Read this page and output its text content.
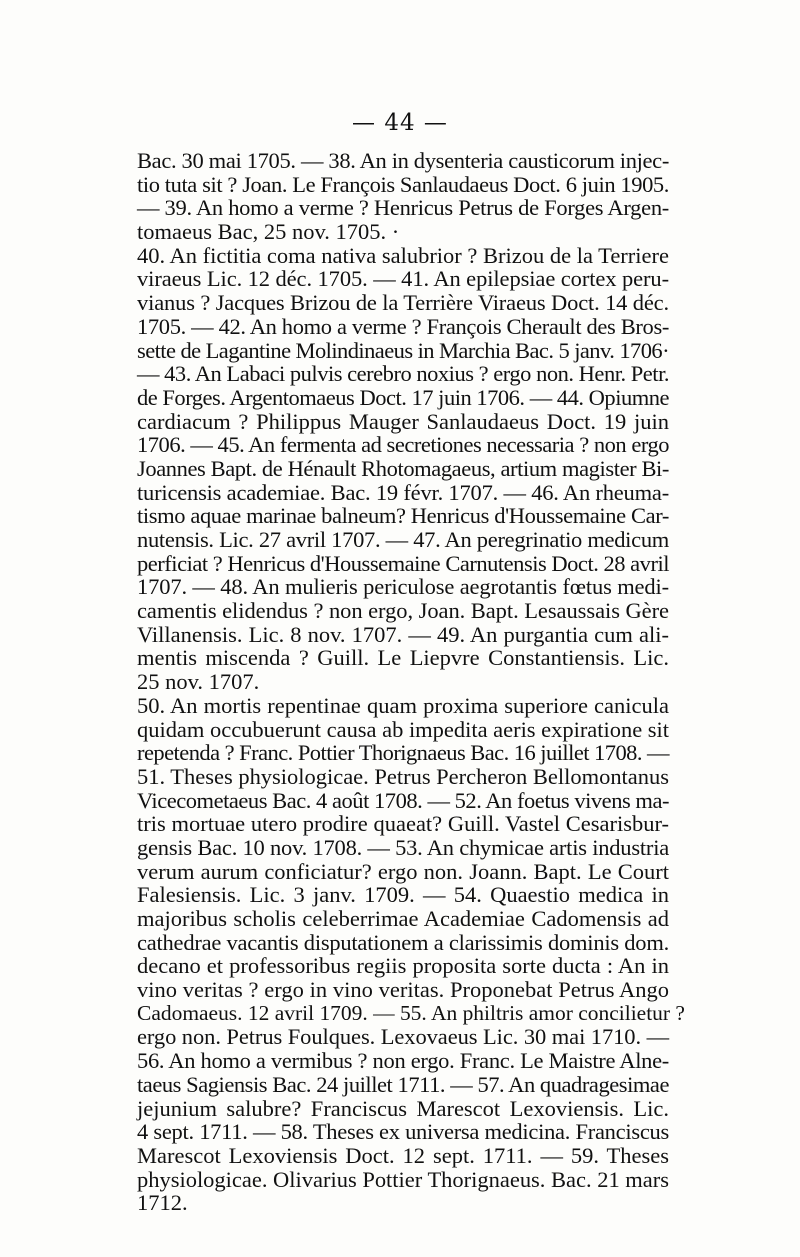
— 44 —
Bac. 30 mai 1705. — 38. An in dysenteria causticorum injec-
tio tuta sit ? Joan. Le François Sanlaudaeus Doct. 6 juin 1905.
— 39. An homo a verme ? Henricus Petrus de Forges Argen-
tomaeus Bac, 25 nov. 1705. ·
40. An fictitia coma nativa salubrior ? Brizou de la Terriere
viraeus Lic. 12 déc. 1705. — 41. An epilepsiae cortex peru-
vianus ? Jacques Brizou de la Terrière Viraeus Doct. 14 déc.
1705. — 42. An homo a verme ? François Cherault des Bros-
sette de Lagantine Molindinaeus in Marchia Bac. 5 janv. 1706·
— 43. An Labaci pulvis cerebro noxius ? ergo non. Henr. Petr.
de Forges. Argentomaeus Doct. 17 juin 1706. — 44. Opiumne
cardiacum ? Philippus Mauger Sanlaudaeus Doct. 19 juin
1706. — 45. An fermenta ad secretiones necessaria ? non ergo
Joannes Bapt. de Hénault Rhotomagaeus, artium magister Bi-
turicensis academiae. Bac. 19 févr. 1707. — 46. An rheuma-
tismo aquae marinae balneum? Henricus d'Houssemaine Car-
nutensis. Lic. 27 avril 1707. — 47. An peregrinatio medicum
perficiat ? Henricus d'Houssemaine Carnutensis Doct. 28 avril
1707. — 48. An mulieris periculose aegrotantis fœtus medi-
camentis elidendus ? non ergo, Joan. Bapt. Lesaussais Gère
Villanensis. Lic. 8 nov. 1707. — 49. An purgantia cum ali-
mentis miscenda ? Guill. Le Liepvre Constantiensis. Lic.
25 nov. 1707.
50. An mortis repentinae quam proxima superiore canicula
quidam occubuerunt causa ab impedita aeris expiratione sit
repetenda ? Franc. Pottier Thorignaeus Bac. 16 juillet 1708. —
51. Theses physiologicae. Petrus Percheron Bellomontanus
Vicecometaeus Bac. 4 août 1708. — 52. An foetus vivens ma-
tris mortuae utero prodire quaeat? Guill. Vastel Cesarisbur-
gensis Bac. 10 nov. 1708. — 53. An chymicae artis industria
verum aurum conficiatur? ergo non. Joann. Bapt. Le Court
Falesiensis. Lic. 3 janv. 1709. — 54. Quaestio medica in
majoribus scholis celeberrimae Academiae Cadomensis ad
cathedrae vacantis disputationem a clarissimis dominis dom.
decano et professoribus regiis proposita sorte ducta : An in
vino veritas ? ergo in vino veritas. Proponebat Petrus Ango
Cadomaeus. 12 avril 1709. — 55. An philtris amor concilietur ?
ergo non. Petrus Foulques. Lexovaeus Lic. 30 mai 1710. —
56. An homo a vermibus ? non ergo. Franc. Le Maistre Alne-
taeus Sagiensis Bac. 24 juillet 1711. — 57. An quadragesimae
jejunium salubre? Franciscus Marescot Lexoviensis. Lic.
4 sept. 1711. — 58. Theses ex universa medicina. Franciscus
Marescot Lexoviensis Doct. 12 sept. 1711. — 59. Theses
physiologicae. Olivarius Pottier Thorignaeus. Bac. 21 mars
1712.
